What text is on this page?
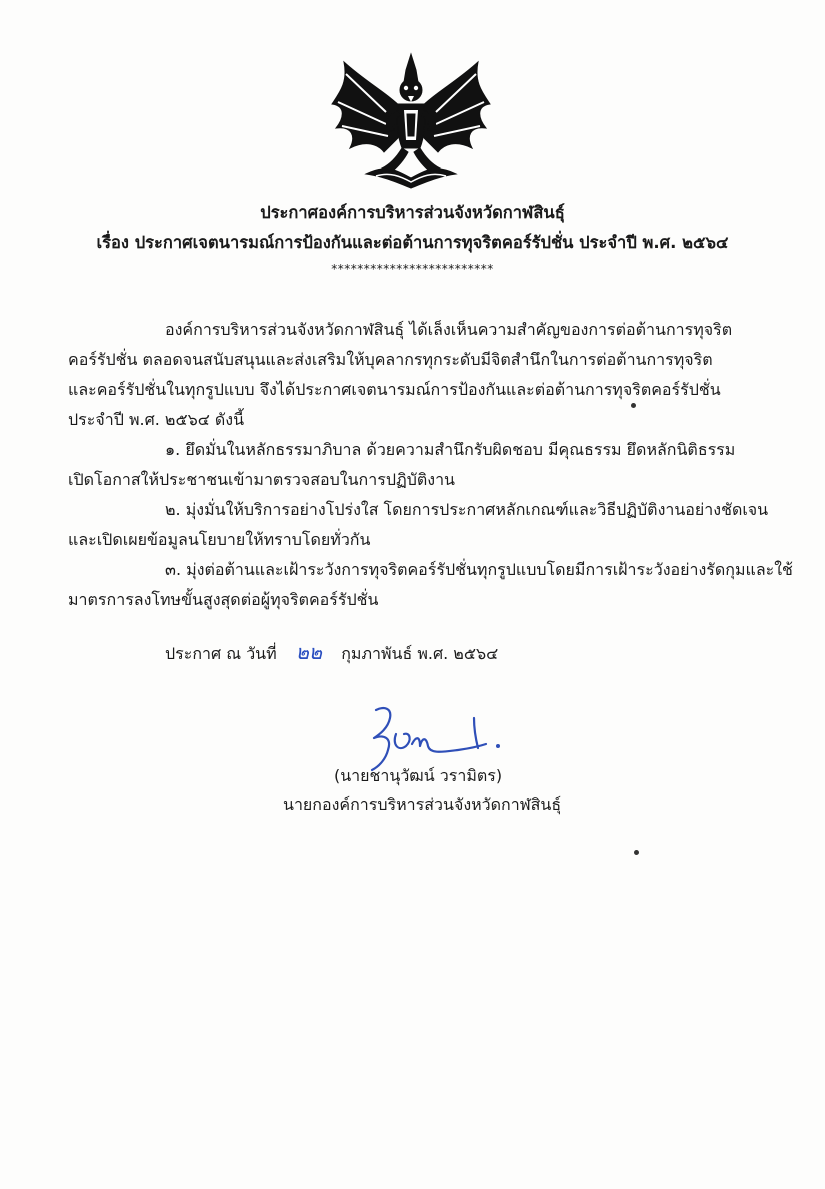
ประกาศองค์การบริหารส่วนจังหวัดกาฬสินธุ์
เรื่อง ประกาศเจตนารมณ์การป้องกันและต่อต้านการทุจริตคอร์รัปชั่น ประจำปี พ.ศ. ๒๕๖๔
*************************
องค์การบริหารส่วนจังหวัดกาฬสินธุ์ ได้เล็งเห็นความสำคัญของการต่อต้านการทุจริต
คอร์รัปชั่น ตลอดจนสนับสนุนและส่งเสริมให้บุคลากรทุกระดับมีจิตสำนึกในการต่อต้านการทุจริต
และคอร์รัปชั่นในทุกรูปแบบ จึงได้ประกาศเจตนารมณ์การป้องกันและต่อต้านการทุจริตคอร์รัปชั่น
ประจำปี พ.ศ. ๒๕๖๔ ดังนี้
๑. ยึดมั่นในหลักธรรมาภิบาล ด้วยความสำนึกรับผิดชอบ มีคุณธรรม ยึดหลักนิติธรรม
เปิดโอกาสให้ประชาชนเข้ามาตรวจสอบในการปฏิบัติงาน
๒. มุ่งมั่นให้บริการอย่างโปร่งใส โดยการประกาศหลักเกณฑ์และวิธีปฏิบัติงานอย่างชัดเจน
และเปิดเผยข้อมูลนโยบายให้ทราบโดยทั่วกัน
๓. มุ่งต่อต้านและเฝ้าระวังการทุจริตคอร์รัปชั่นทุกรูปแบบโดยมีการเฝ้าระวังอย่างรัดกุมและใช้
มาตรการลงโทษขั้นสูงสุดต่อผู้ทุจริตคอร์รัปชั่น
ประกาศ ณ วันที่ ๒๒ กุมภาพันธ์ พ.ศ. ๒๕๖๔
(นายชานุวัฒน์ วรามิตร)
นายกองค์การบริหารส่วนจังหวัดกาฬสินธุ์
